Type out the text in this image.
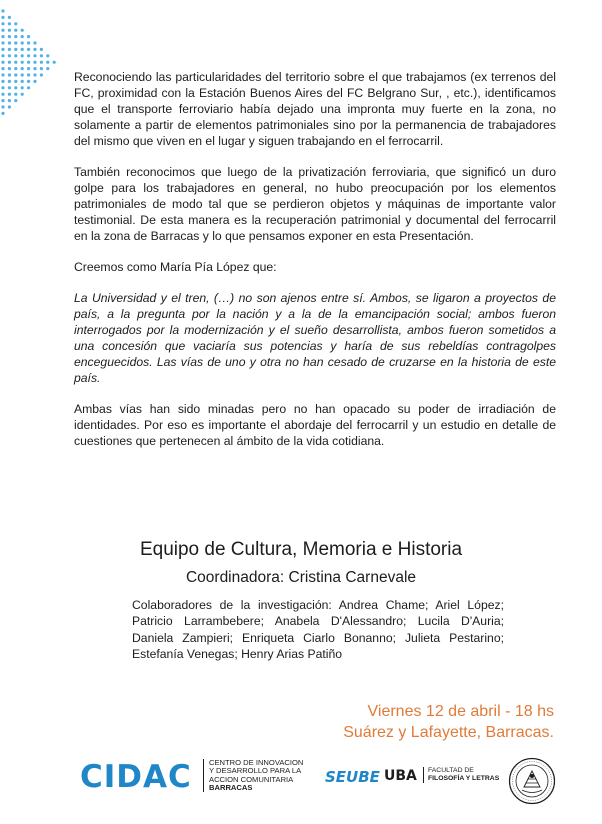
Reconociendo las particularidades del territorio sobre el que trabajamos (ex terrenos del FC, proximidad con la Estación Buenos Aires del FC Belgrano Sur, , etc.), identificamos que el transporte ferroviario había dejado una impronta muy fuerte en la zona, no solamente a partir de elementos patrimoniales sino por la permanencia de trabajadores del mismo que viven en el lugar y siguen trabajando en el ferrocarril.

También reconocimos que luego de la privatización ferroviaria, que significó un duro golpe para los trabajadores en general, no hubo preocupación por los elementos patrimoniales de modo tal que se perdieron objetos y máquinas de importante valor testimonial. De esta manera es la recuperación patrimonial y documental del ferrocarril en la zona de Barracas y lo que pensamos exponer en esta Presentación.

Creemos como María Pía López que:

La Universidad y el tren, (…) no son ajenos entre sí. Ambos, se ligaron a proyectos de país, a la pregunta por la nación y a la de la emancipación social; ambos fueron interrogados por la modernización y el sueño desarrollista, ambos fueron sometidos a una concesión que vaciaría sus potencias y haría de sus rebeldías contragolpes enceguecidos. Las vías de uno y otra no han cesado de cruzarse en la historia de este país.

Ambas vías han sido minadas pero no han opacado su poder de irradiación de identidades. Por eso es importante el abordaje del ferrocarril y un estudio en detalle de cuestiones que pertenecen al ámbito de la vida cotidiana.

Equipo de Cultura, Memoria e Historia
Coordinadora: Cristina Carnevale
Colaboradores de la investigación: Andrea Chame; Ariel López; Patricio Larrambebere; Anabela D'Alessandro; Lucila D'Auria; Daniela Zampieri; Enriqueta Ciarlo Bonanno; Julieta Pestarino; Estefanía Venegas; Henry Arias Patiño
Viernes 12 de abril - 18 hs
Suárez y Lafayette, Barracas.
CIDAC CENTRO DE INNOVACION
Y DESARROLLO PARA LA
ACCION COMUNITARIA
BARRACAS
SEUBE UBA FACULTAD DE
FILOSOFÍA Y LETRAS
